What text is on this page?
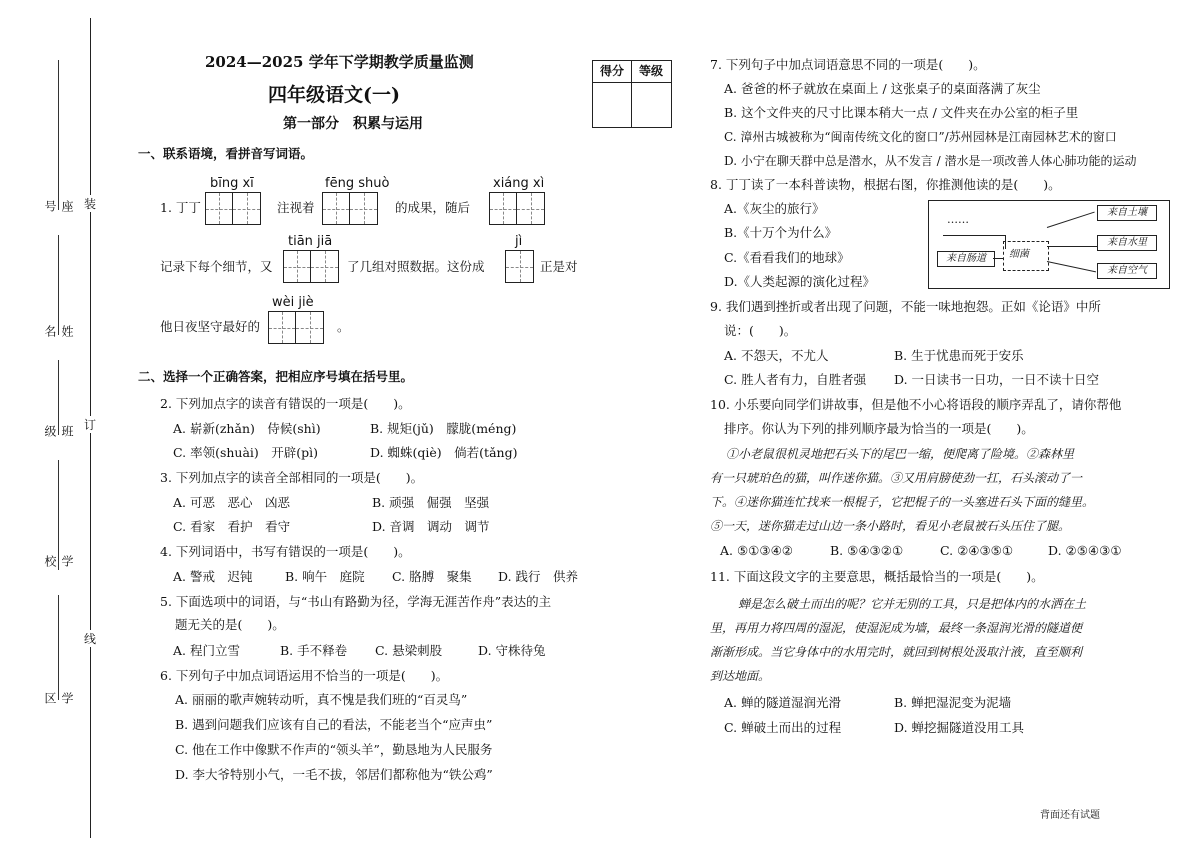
座号
姓名
班级
学校
学区
装
订
线
2024—2025 学年下学期教学质量监测
四年级语文(一)
第一部分　积累与运用
得分	等级
一、联系语境，看拼音写词语。
bīng xī	fēng shuò	xiáng xì
1. 丁丁	注视着	的成果，随后
tiān jiā	jì
记录下每个细节，又	了几组对照数据。这份成	正是对
wèi jiè
他日夜坚守最好的	。
二、选择一个正确答案，把相应序号填在括号里。
2. 下列加点字的读音有错误的一项是(　　)。
A. 崭新(zhǎn)　侍候(shì)	B. 规矩(jǔ)　朦胧(méng)
C. 率领(shuài)　开辟(pì)	D. 蜘蛛(qiè)　倘若(tǎng)
3. 下列加点字的读音全部相同的一项是(　　)。
A. 可恶　恶心　凶恶	B. 顽强　倔强　坚强
C. 看家　看护　看守	D. 音调　调动　调节
4. 下列词语中，书写有错误的一项是(　　)。
A. 警戒　迟钝	B. 响午　庭院 C. 胳膊　聚集 D. 践行　供养
5. 下面选项中的词语，与“书山有路勤为径，学海无涯苦作舟”表达的主
题无关的是(　　)。
A. 程门立雪	B. 手不释卷 C. 悬梁刺股	D. 守株待兔
6. 下列句子中加点词语运用不恰当的一项是(　　)。
A. 丽丽的歌声婉转动听，真不愧是我们班的“百灵鸟”
B. 遇到问题我们应该有自己的看法，不能老当个“应声虫”
C. 他在工作中像默不作声的“领头羊”，勤恳地为人民服务
D. 李大爷特别小气，一毛不拔，邻居们都称他为“铁公鸡”
7. 下列句子中加点词语意思不同的一项是(　　)。
A. 爸爸的杯子就放在桌面上 / 这张桌子的桌面落满了灰尘
B. 这个文件夹的尺寸比课本稍大一点 / 文件夹在办公室的柜子里
C. 漳州古城被称为“闽南传统文化的窗口”/苏州园林是江南园林艺术的窗口
D. 小宁在聊天群中总是潜水，从不发言 / 潜水是一项改善人体心肺功能的运动
8. 丁丁读了一本科普读物，根据右图，你推测他读的是(　　)。
A.《灰尘的旅行》
B.《十万个为什么》
C.《看看我们的地球》
D.《人类起源的演化过程》
……
细菌
来自肠道
来自土壤
来自水里
来自空气
9. 我们遇到挫折或者出现了问题，不能一味地抱怨。正如《论语》中所
说：(　　)。
A. 不怨天，不尤人	B. 生于忧患而死于安乐
C. 胜人者有力，自胜者强 D. 一日读书一日功，一日不读十日空
10. 小乐要向同学们讲故事，但是他不小心将语段的顺序弄乱了，请你帮他
排序。你认为下列的排列顺序最为恰当的一项是(　　)。
①小老鼠很机灵地把石头下的尾巴一缩，便爬离了险境。②森林里
有一只琥珀色的猫，叫作迷你猫。③又用肩膀使劲一扛，石头滚动了一
下。④迷你猫连忙找来一根棍子，它把棍子的一头塞进石头下面的缝里。
⑤一天，迷你猫走过山边一条小路时，看见小老鼠被石头压住了腿。
A. ⑤①③④②	B. ⑤④③②①	C. ②④③⑤①	D. ②⑤④③①
11. 下面这段文字的主要意思，概括最恰当的一项是(　　)。
蝉是怎么破土而出的呢？它并无别的工具，只是把体内的水洒在土
里，再用力将四周的湿泥，使湿泥成为墙，最终一条湿润光滑的隧道便
渐渐形成。当它身体中的水用完时，就回到树根处汲取汁液，直至顺利
到达地面。
A. 蝉的隧道湿润光滑	B. 蝉把湿泥变为泥墙
C. 蝉破土而出的过程	D. 蝉挖掘隧道没用工具
背面还有试题
